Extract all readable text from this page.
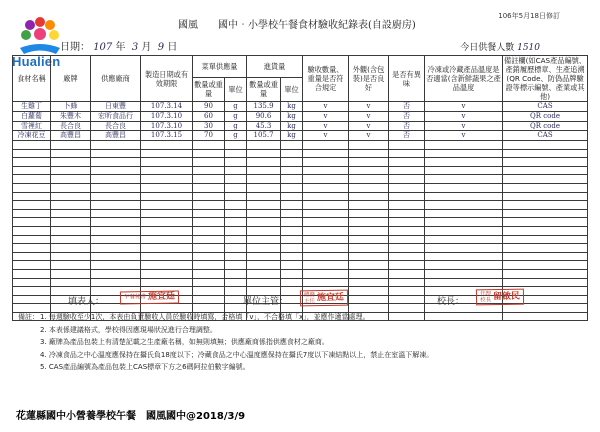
Hualien
國風　　國中‧小學校午餐食材驗收紀錄表(自設廚房)
106年5月18日修訂
日期： 107 年 3 月 9 日	今日供餐人數 1510
食材名稱	廠牌	供應廠商	製造日期或有效期限	菜單供應量		進貨量		驗收數量、重量是否符合規定	外觀(含包裝)是否良好	是否有異味	冷凍或冷藏產品溫度是否適當(含新鮮蔬果之產品溫度	備註欄(如CAS產品編號、產銷履歷標章、生產追溯(QR Code、防偽品牌驗證等標示編號、產業或其他)
				數量或重量	單位	數量或重量	單位					
生雞丁	卜蜂	日東豐	107.3.14	90	g	135.9	kg	v	v	否	v	CAS
白蘿蔔	朱豐木	宏昕食品行	107.3.10	60	g	90.6	kg	v	v	否	v	QR code
雪裡紅	長合良	長合良	107.3.10	30	g	45.3	kg	v	v	否	v	QR code
冷凍花豆	高豐昌	高豐昌	107.3.15	70	g	105.7	kg	v	v	否	v	CAS

填表人：	午餐秘書 施宜廷	單位主管：
總務
主任 施宜廷	校長：
代理
校長 留啟民
備註： 1. 每週驗收至少1次，本表由負責驗收人員於驗收時填寫，合格填「v」，不合格填「x」，並應作適當處理。
2. 本表係建議格式，學校得因應現場狀況進行合理調整。
3. 廠牌為產品包裝上有清楚記載之生產廠名稱，如無則填無；供應廠商係指供應食材之廠商。
4. 冷凍食品之中心溫度應保持在攝氏負18度以下；冷藏食品之中心溫度應保持在攝氏7度以下凍結點以上，禁止在室溫下解凍。
5. CAS產品編號為產品包裝上CAS標章下方之6碼阿拉伯數字編號。
花蓮縣國中小營養學校午餐　國風國中@2018/3/9
